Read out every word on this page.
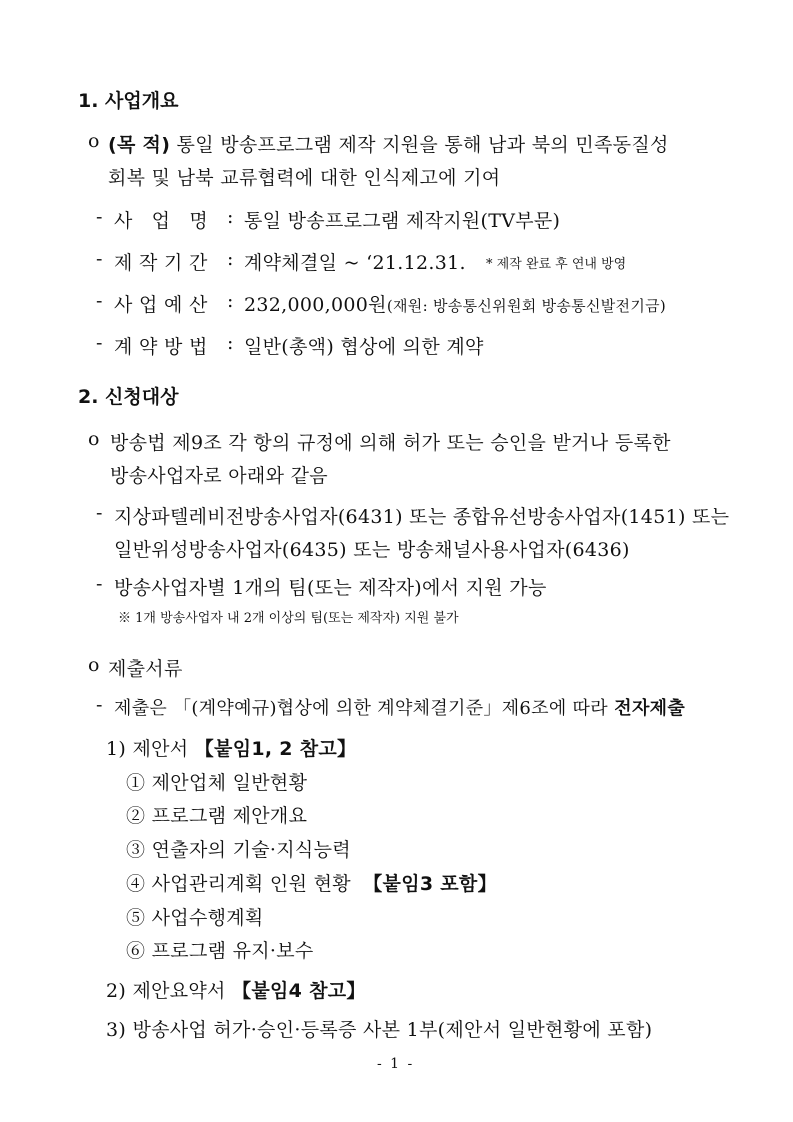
1. 사업개요
o (목 적) 통일 방송프로그램 제작 지원을 통해 남과 북의 민족동질성
회복 및 남북 교류협력에 대한 인식제고에 기여
- 사   업   명 : 통일 방송프로그램 제작지원(TV부문)
- 제 작 기 간 : 계약체결일 ~ ‘21.12.31. * 제작 완료 후 연내 방영
- 사 업 예 산 : 232,000,000원(재원: 방송통신위원회 방송통신발전기금)
- 계 약 방 법 : 일반(총액) 협상에 의한 계약
2. 신청대상
o 방송법 제9조 각 항의 규정에 의해 허가 또는 승인을 받거나 등록한
방송사업자로 아래와 같음
- 지상파텔레비전방송사업자(6431) 또는 종합유선방송사업자(1451) 또는
일반위성방송사업자(6435) 또는 방송채널사용사업자(6436)
- 방송사업자별 1개의 팀(또는 제작자)에서 지원 가능
※ 1개 방송사업자 내 2개 이상의 팀(또는 제작자) 지원 불가
o 제출서류
- 제출은 「(계약예규)협상에 의한 계약체결기준」제6조에 따라 전자제출
1) 제안서 【붙임1, 2 참고】
① 제안업체 일반현황
② 프로그램 제안개요
③ 연출자의 기술·지식능력
④ 사업관리계획 인원 현황 【붙임3 포함】
⑤ 사업수행계획
⑥ 프로그램 유지·보수
2) 제안요약서 【붙임4 참고】
3) 방송사업 허가·승인·등록증 사본 1부(제안서 일반현황에 포함)
- 1 -
